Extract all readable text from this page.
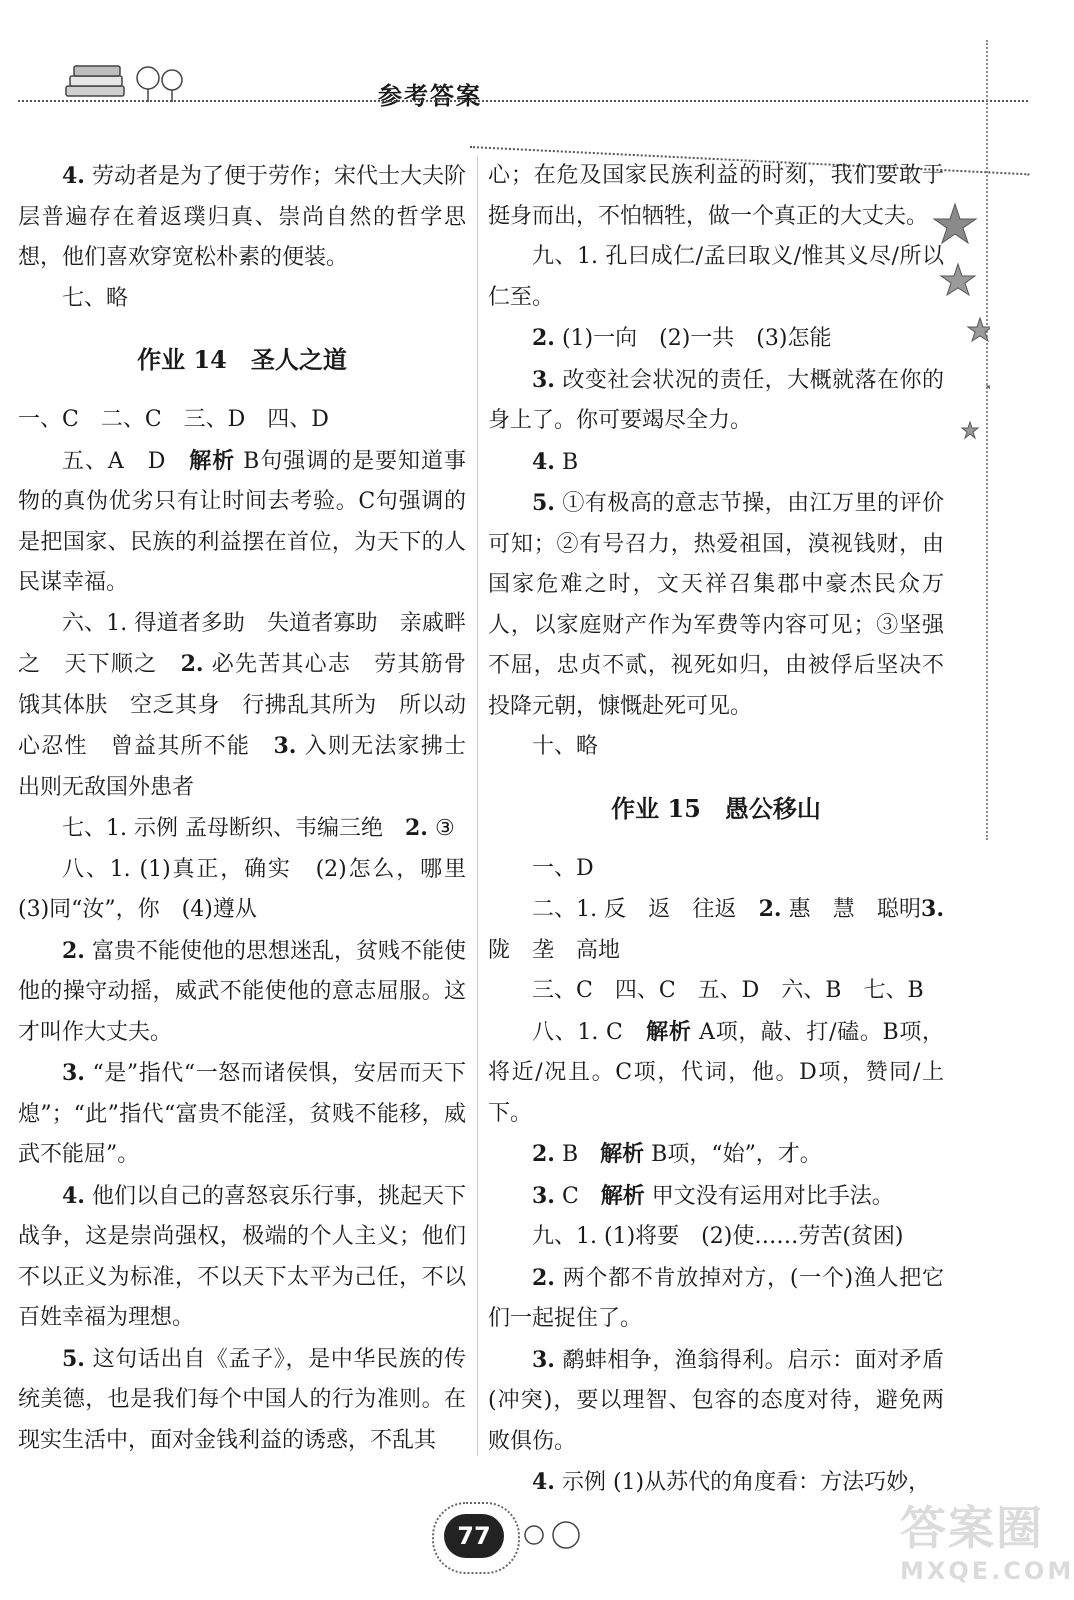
参考答案

4. 劳动者是为了便于劳作；宋代士大夫阶层普遍存在着返璞归真、崇尚自然的哲学思想，他们喜欢穿宽松朴素的便装。

七、略

作业 14　圣人之道

一、C　二、C　三、D　四、D

五、A　D　解析 B句强调的是要知道事物的真伪优劣只有让时间去考验。C句强调的是把国家、民族的利益摆在首位，为天下的人民谋幸福。

六、1. 得道者多助　失道者寡助　亲戚畔之　天下顺之　2. 必先苦其心志　劳其筋骨　饿其体肤　空乏其身　行拂乱其所为　所以动心忍性　曾益其所不能　3. 入则无法家拂士　出则无敌国外患者

七、1. 示例 孟母断织、韦编三绝　2. ③

八、1. (1)真正，确实　(2)怎么，哪里　(3)同“汝”，你　(4)遵从

2. 富贵不能使他的思想迷乱，贫贱不能使他的操守动摇，威武不能使他的意志屈服。这才叫作大丈夫。

3. “是”指代“一怒而诸侯惧，安居而天下熄”；“此”指代“富贵不能淫，贫贱不能移，威武不能屈”。

4. 他们以自己的喜怒哀乐行事，挑起天下战争，这是崇尚强权，极端的个人主义；他们不以正义为标准，不以天下太平为己任，不以百姓幸福为理想。

5. 这句话出自《孟子》，是中华民族的传统美德，也是我们每个中国人的行为准则。在现实生活中，面对金钱利益的诱惑，不乱其

心；在危及国家民族利益的时刻，我们要敢于挺身而出，不怕牺牲，做一个真正的大丈夫。

九、1. 孔曰成仁/孟曰取义/惟其义尽/所以仁至。

2. (1)一向　(2)一共　(3)怎能

3. 改变社会状况的责任，大概就落在你的身上了。你可要竭尽全力。

4. B

5. ①有极高的意志节操，由江万里的评价可知；②有号召力，热爱祖国，漠视钱财，由国家危难之时，文天祥召集郡中豪杰民众万人，以家庭财产作为军费等内容可见；③坚强不屈，忠贞不贰，视死如归，由被俘后坚决不投降元朝，慷慨赴死可见。

十、略

作业 15　愚公移山

一、D

二、1. 反　返　往返　2. 惠　慧　聪明3. 陇　垄　高地

三、C　四、C　五、D　六、B　七、B

八、1. C　解析 A项，敲、打/磕。B项，将近/况且。C项，代词，他。D项，赞同/上下。

2. B　解析 B项，“始”，才。

3. C　解析 甲文没有运用对比手法。

九、1. (1)将要　(2)使……劳苦(贫困)

2. 两个都不肯放掉对方，(一个)渔人把它们一起捉住了。

3. 鹬蚌相争，渔翁得利。启示：面对矛盾(冲突)，要以理智、包容的态度对待，避免两败俱伤。

4. 示例 (1)从苏代的角度看：方法巧妙，

77	答案圈
MXQE.COM
